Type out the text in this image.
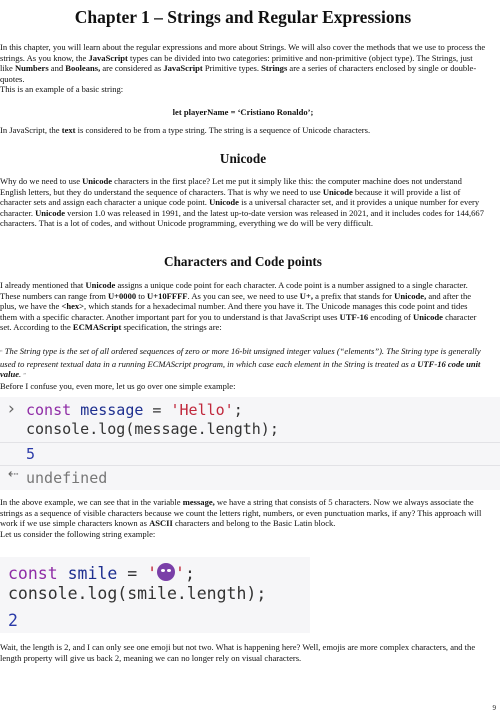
Chapter 1 – Strings and Regular Expressions

In this chapter, you will learn about the regular expressions and more about Strings. We will also cover the methods that we use to process the strings. As you know, the JavaScript types can be divided into two categories: primitive and non-primitive (object type). The Strings, just like Numbers and Booleans, are considered as JavaScript Primitive types. Strings are a series of characters enclosed by single or double-quotes.

This is an example of a basic string:

let playerName = ‘Cristiano Ronaldo’;

In JavaScript, the text is considered to be from a type string. The string is a sequence of Unicode characters.

Unicode

Why do we need to use Unicode characters in the first place? Let me put it simply like this: the computer machine does not understand English letters, but they do understand the sequence of characters. That is why we need to use Unicode because it will provide a list of character sets and assign each character a unique code point. Unicode is a universal character set, and it provides a unique number for every character. Unicode version 1.0 was released in 1991, and the latest up-to-date version was released in 2021, and it includes codes for 144,667 characters. That is a lot of codes, and without Unicode programming, everything we do will be very difficult.

Characters and Code points

I already mentioned that Unicode assigns a unique code point for each character. A code point is a number assigned to a single character. These numbers can range from U+0000 to U+10FFFF. As you can see, we need to use U+, a prefix that stands for Unicode, and after the plus, we have the <hex>, which stands for a hexadecimal number. And there you have it. The Unicode manages this code point and tides them with a specific character. Another important part for you to understand is that JavaScript uses UTF-16 encoding of Unicode character set. According to the ECMAScript specification, the strings are:

“ The String type is the set of all ordered sequences of zero or more 16-bit unsigned integer values (“elements”). The String type is generally used to represent textual data in a running ECMAScript program, in which case each element in the String is treated as a UTF-16 code unit value. ”

Before I confuse you, even more, let us go over one simple example:

› const message = 'Hello';
console.log(message.length);
5
⇠ undefined

In the above example, we can see that in the variable message, we have a string that consists of 5 characters. Now we always associate the strings as a sequence of visible characters because we count the letters right, numbers, or even punctuation marks, if any? This approach will work if we use simple characters known as ASCII characters and belong to the Basic Latin block.

Let us consider the following string example:

const smile = ' ';
console.log(smile.length);
2

Wait, the length is 2, and I can only see one emoji but not two. What is happening here? Well, emojis are more complex characters, and the length property will give us back 2, meaning we can no longer rely on visual characters.

9
